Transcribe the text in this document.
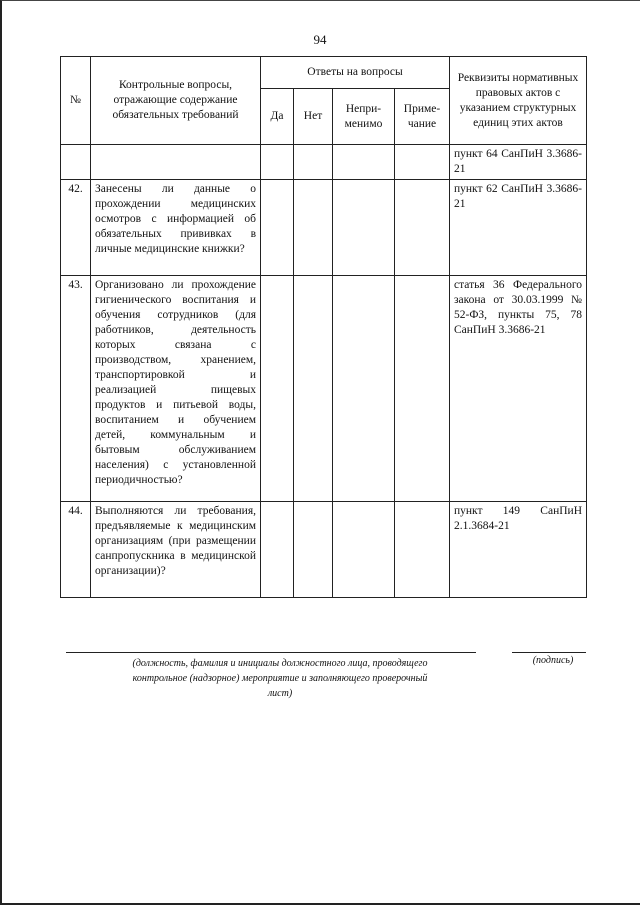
94
№	Контрольные вопросы, отражающие содержание обязательных требований	Ответы на вопросы				Реквизиты нормативных правовых актов с указанием структурных единиц этих актов
		Да	Нет	Непри-менимо	Приме-чание	
						пункт 64 СанПиН 3.3686-21
42.	Занесены ли данные о прохождении медицинских осмотров с информацией об обязательных прививках в личные медицинские книжки?					пункт 62 СанПиН 3.3686-21
43.	Организовано ли прохождение гигиенического воспитания и обучения сотрудников (для работников, деятельность которых связана с производством, хранением, транспортировкой и реализацией пищевых продуктов и питьевой воды, воспитанием и обучением детей, коммунальным и бытовым обслуживанием населения) с установленной периодичностью?					статья 36 Федерального закона от 30.03.1999 № 52-ФЗ, пункты 75, 78 СанПиН 3.3686-21
44.	Выполняются ли требования, предъявляемые к медицинским организациям (при размещении санпропускника в медицинской организации)?					пункт 149 СанПиН 2.1.3684-21
(должность, фамилия и инициалы должностного лица, проводящего контрольное (надзорное) мероприятие и заполняющего проверочный лист)
(подпись)
